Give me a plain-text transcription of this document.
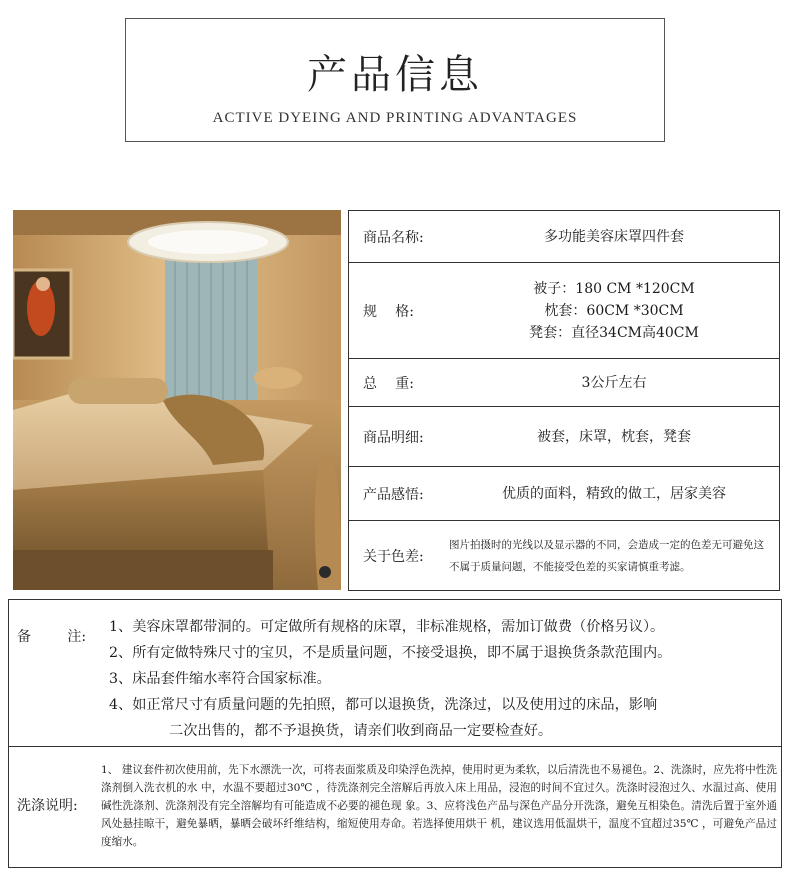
产品信息
ACTIVE DYEING AND PRINTING ADVANTAGES
商品名称:	多功能美容床罩四件套
规格:
被子：180 CM *120CM
枕套：60CM *30CM
凳套：直径34CM高40CM
总重:	3公斤左右
商品明细:	被套，床罩，枕套，凳套
产品感悟:	优质的面料，精致的做工，居家美容
关于色差:
图片拍摄时的光线以及显示器的不同，会造成一定的色差无可避免这不属于质量问题，不能接受色差的买家请慎重考滤。
备注:
1、美容床罩都带洞的。可定做所有规格的床罩，非标准规格，需加订做费（价格另议）。
2、所有定做特殊尺寸的宝贝，不是质量问题，不接受退换，即不属于退换货条款范围内。
3、床品套件缩水率符合国家标准。
4、如正常尺寸有质量问题的先拍照，都可以退换货，洗涤过，以及使用过的床品，影响
二次出售的，都不予退换货，请亲们收到商品一定要检查好。
洗涤说明:
1、 建议套件初次使用前，先下水漂洗一次，可将表面浆质及印染浮色洗掉，使用时更为柔软，以后清洗也不易褪色。2、洗涤时，应先将中性洗涤剂倒入洗衣机的水 中，水温不要超过30℃ ，待洗涤剂完全溶解后再放入床上用品，浸泡的时间不宜过久。洗涤时浸泡过久、水温过高、使用碱性洗涤剂、洗涤剂没有完全溶解均有可能造成不必要的褪色现 象。3、应将浅色产品与深色产品分开洗涤，避免互相染色。清洗后置于室外通风处悬挂晾干，避免暴晒，暴晒会破坏纤维结构，缩短使用寿命。若选择使用烘干 机，建议选用低温烘干，温度不宜超过35℃ ，可避免产品过度缩水。
